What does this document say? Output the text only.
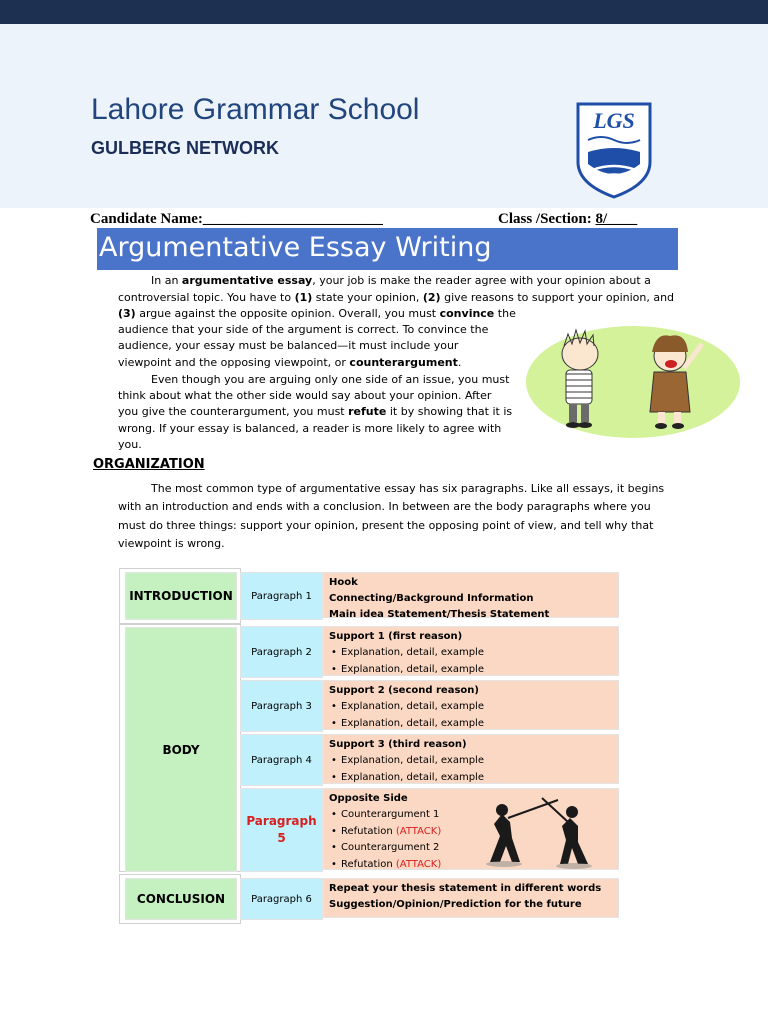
Lahore Grammar School
GULBERG NETWORK
LGS
Candidate Name:________________________	Class /Section: 8/____
Argumentative Essay Writing
In an argumentative essay, your job is make the reader agree with your opinion about a
controversial topic. You have to (1) state your opinion, (2) give reasons to support your opinion, and
(3) argue against the opposite opinion. Overall, you must convince the
audience that your side of the argument is correct. To convince the
audience, your essay must be balanced—it must include your
viewpoint and the opposing viewpoint, or counterargument.
Even though you are arguing only one side of an issue, you must
think about what the other side would say about your opinion. After
you give the counterargument, you must refute it by showing that it is
wrong. If your essay is balanced, a reader is more likely to agree with
you.
ORGANIZATION
The most common type of argumentative essay has six paragraphs. Like all essays, it begins
with an introduction and ends with a conclusion. In between are the body paragraphs where you
must do three things: support your opinion, present the opposing point of view, and tell why that
viewpoint is wrong.
INTRODUCTION
BODY
CONCLUSION
Paragraph 1
Hook
Connecting/Background Information
Main idea Statement/Thesis Statement
Paragraph 2
Support 1 (first reason)
• Explanation, detail, example
• Explanation, detail, example
Paragraph 3
Support 2 (second reason)
• Explanation, detail, example
• Explanation, detail, example
Paragraph 4
Support 3 (third reason)
• Explanation, detail, example
• Explanation, detail, example
Paragraph
5
Opposite Side
• Counterargument 1
• Refutation (ATTACK)
• Counterargument 2
• Refutation (ATTACK)
Paragraph 6
Repeat your thesis statement in different words
Suggestion/Opinion/Prediction for the future
